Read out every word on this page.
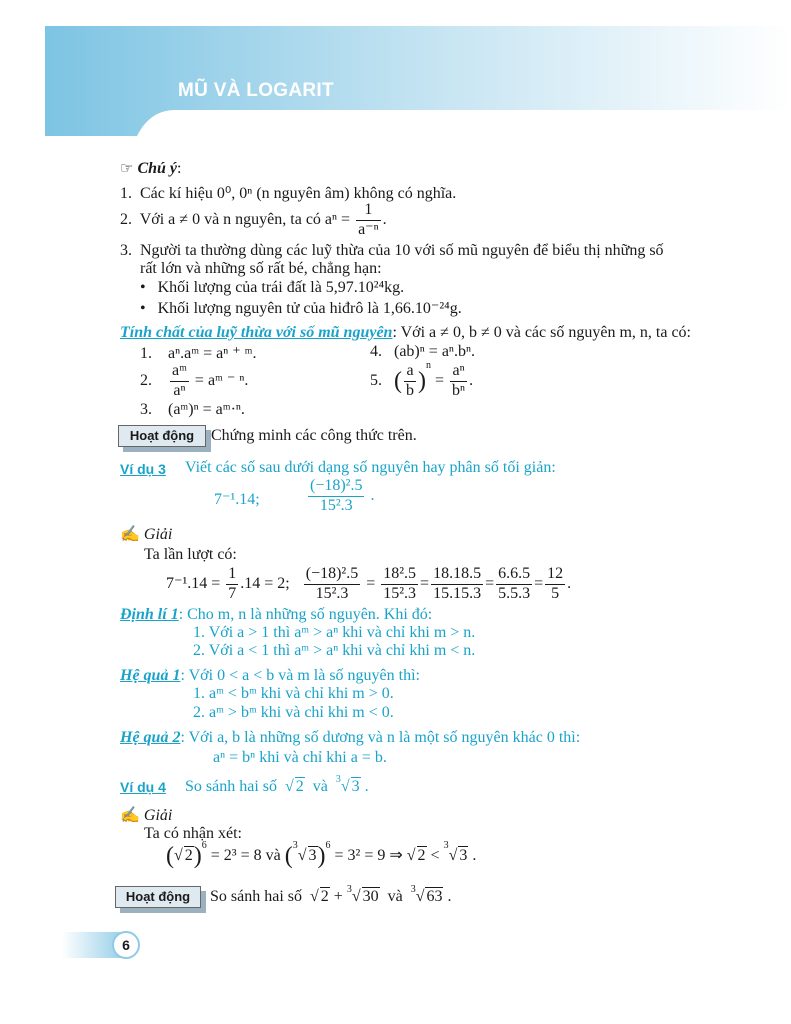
MŨ VÀ LOGARIT
☞ Chú ý:
1.  Các kí hiệu 0⁰, 0ⁿ (n nguyên âm) không có nghĩa.
2.  Với a ≠ 0 và n nguyên, ta có $a^n = \frac{1}{\text{a⁻ⁿ}}$ .
3.  Người ta thường dùng các luỹ thừa của 10 với số mũ nguyên để biểu thị những số
rất lớn và những số rất bé, chẳng hạn:
•   Khối lượng của trái đất là 5,97.10²⁴kg.
•   Khối lượng nguyên tử của hiđrô là 1,66.10⁻²⁴g.
Tính chất của luỹ thừa với số mũ nguyên: Với a ≠ 0, b ≠ 0 và các số nguyên m, n, ta có:
1.    aⁿ.aᵐ = aⁿ ⁺ ᵐ.	4.   (ab)ⁿ = aⁿ.bⁿ.
2. $\frac{\text{aᵐ}}{\text{aⁿ}}$ = aᵐ ⁻ ⁿ.	5.   ( $\frac{a}{b} )^n = \frac{\text{aⁿ}}{\text{bⁿ}}$ .
3.    (aᵐ)ⁿ = aᵐ·ⁿ.
Hoạt động	Chứng minh các công thức trên.
Ví dụ 3 Viết các số sau dưới dạng số nguyên hay phân số tối giản:
7⁻¹.14;	$\frac{\text{(−18)².5}}{\text{15².3}}$ .
✍ Giải
Ta lần lượt có:
$7^{-1}.14 = \frac{1}{7} .14 = 2$; $\frac{\text{(−18)².5}}{\text{15².3}} = \frac{\text{18².5}}{\text{15².3}} = \frac{18.18.5}{15.15.3} = \frac{6.6.5}{5.5.3} = \frac{12}{5}$ .
Định lí 1: Cho m, n là những số nguyên. Khi đó:
1. Với a > 1 thì aᵐ > aⁿ khi và chỉ khi m > n.
2. Với a < 1 thì aᵐ > aⁿ khi và chỉ khi m < n.
Hệ quả 1: Với 0 < a < b và m là số nguyên thì:
1. aᵐ < bᵐ khi và chỉ khi m > 0.
2. aᵐ > bᵐ khi và chỉ khi m < 0.
Hệ quả 2: Với a, b là những số dương và n là một số nguyên khác 0 thì:
aⁿ = bⁿ khi và chỉ khi a = b.
Ví dụ 4 So sánh hai số  √ 2 và $^3$√ 3 .
✍ Giải
Ta có nhận xét:
(√ 2)$^6$ = 2³ = 8 và ($^3$√ 3)$^6$ = 3² = 9 ⇒ √ 2 < $^3$√ 3 .
Hoạt động	So sánh hai số  √ 2 + $^3$√ 30 và $^3$√ 63 .
6
